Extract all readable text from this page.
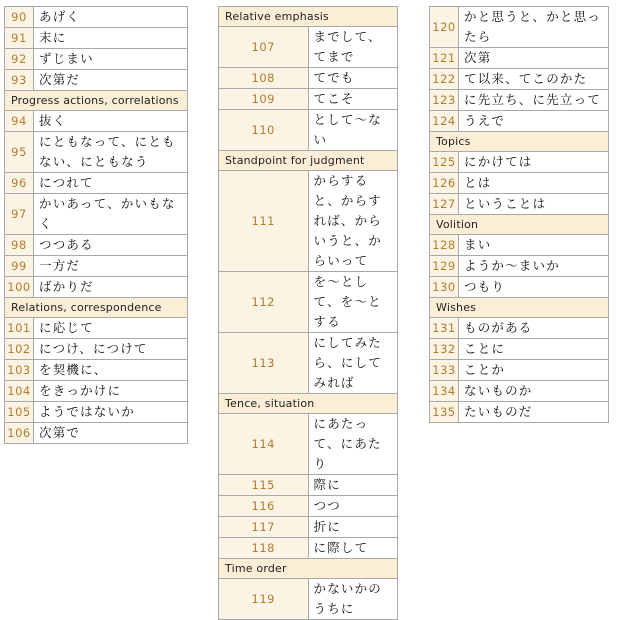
90	あげく
91	末に
92	ずじまい
93	次第だ
Progress actions, correlations	
94	抜く
95	にともなって、にともない、にともなう
96	につれて
97	かいあって、かいもなく
98	つつある
99	一方だ
100	ばかりだ
Relations, correspondence	
101	に応じて
102	につけ、につけて
103	を契機に、
104	をきっかけに
105	ようではないか
106	次第で
Relative emphasis	
107	までして、てまで
108	てでも
109	てこそ
110	として〜ない
Standpoint for judgment	
111	からすると、からすれば、からいうと、からいって
112	を〜として、を〜とする
113	にしてみたら、にしてみれば
Tence, situation	
114	にあたって、にあたり
115	際に
116	つつ
117	折に
118	に際して
Time order	
119	かないかのうちに
120	かと思うと、かと思ったら
121	次第
122	て以来、てこのかた
123	に先立ち、に先立って
124	うえで
Topics	
125	にかけては
126	とは
127	ということは
Volition	
128	まい
129	ようか〜まいか
130	つもり
Wishes	
131	ものがある
132	ことに
133	ことか
134	ないものか
135	たいものだ
